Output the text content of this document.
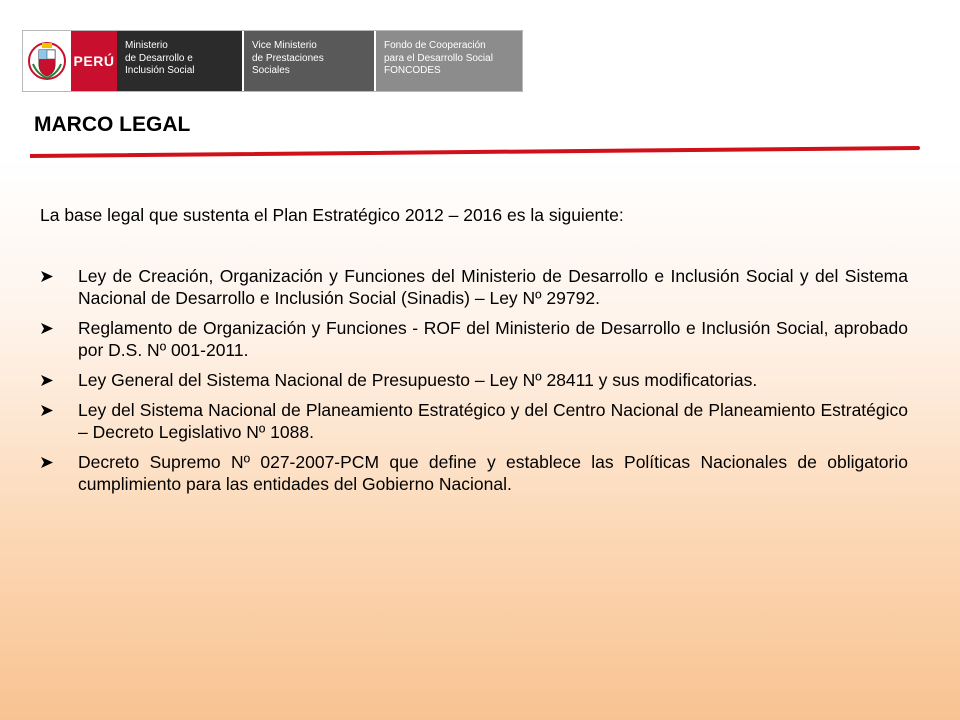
PERÚ
Ministerio
de Desarrollo e
Inclusión Social
Vice Ministerio
de Prestaciones
Sociales
Fondo de Cooperación
para el Desarrollo Social
FONCODES
MARCO LEGAL

La base legal que sustenta el Plan Estratégico 2012 – 2016 es la siguiente:

Ley de Creación, Organización y Funciones del Ministerio de Desarrollo e Inclusión Social y del Sistema Nacional de Desarrollo e Inclusión Social (Sinadis) – Ley Nº 29792.
Reglamento de Organización y Funciones - ROF del Ministerio de Desarrollo e Inclusión Social, aprobado por D.S. Nº 001-2011.
Ley General del Sistema Nacional de Presupuesto – Ley Nº 28411 y sus modificatorias.
Ley del Sistema Nacional de Planeamiento Estratégico y del Centro Nacional de Planeamiento Estratégico – Decreto Legislativo Nº 1088.
Decreto Supremo Nº 027-2007-PCM que define y establece las Políticas Nacionales de obligatorio cumplimiento para las entidades del Gobierno Nacional.
